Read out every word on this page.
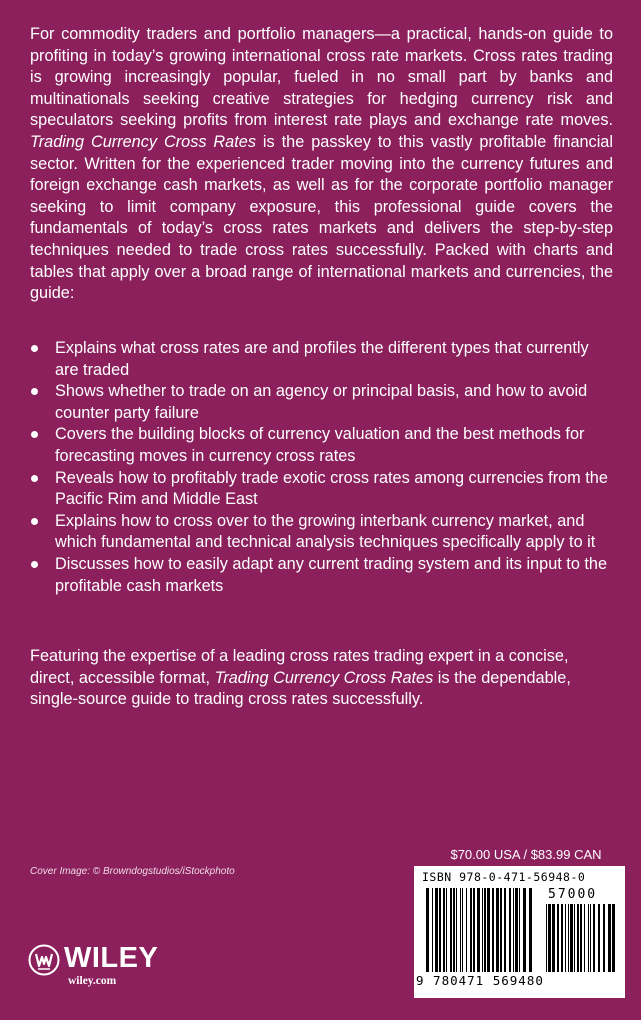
For commodity traders and portfolio managers—a practical, hands-on guide to profiting in today’s growing international cross rate markets. Cross rates trading is growing increasingly popular, fueled in no small part by banks and multinationals seeking creative strategies for hedging currency risk and speculators seeking profits from interest rate plays and exchange rate moves. Trading Currency Cross Rates is the passkey to this vastly profitable financial sector. Written for the experienced trader moving into the currency futures and foreign exchange cash markets, as well as for the corporate portfolio manager seeking to limit company exposure, this professional guide covers the fundamentals of today’s cross rates markets and delivers the step-by-step techniques needed to trade cross rates successfully. Packed with charts and tables that apply over a broad range of international markets and currencies, the guide:

Explains what cross rates are and profiles the different types that currently are traded
Shows whether to trade on an agency or principal basis, and how to avoid counter party failure
Covers the building blocks of currency valuation and the best methods for forecasting moves in currency cross rates
Reveals how to profitably trade exotic cross rates among currencies from the Pacific Rim and Middle East
Explains how to cross over to the growing interbank currency market, and which fundamental and technical analysis techniques specifically apply to it
Discusses how to easily adapt any current trading system and its input to the profitable cash markets

Featuring the expertise of a leading cross rates trading expert in a concise, direct, accessible format, Trading Currency Cross Rates is the dependable, single-source guide to trading cross rates successfully.

Cover Image: © Browndogstudios/iStockphoto
$70.00 USA / $83.99 CAN
ISBN 978-0-471-56948-0
57000
9 780471 569480
WILEY
wiley.com
